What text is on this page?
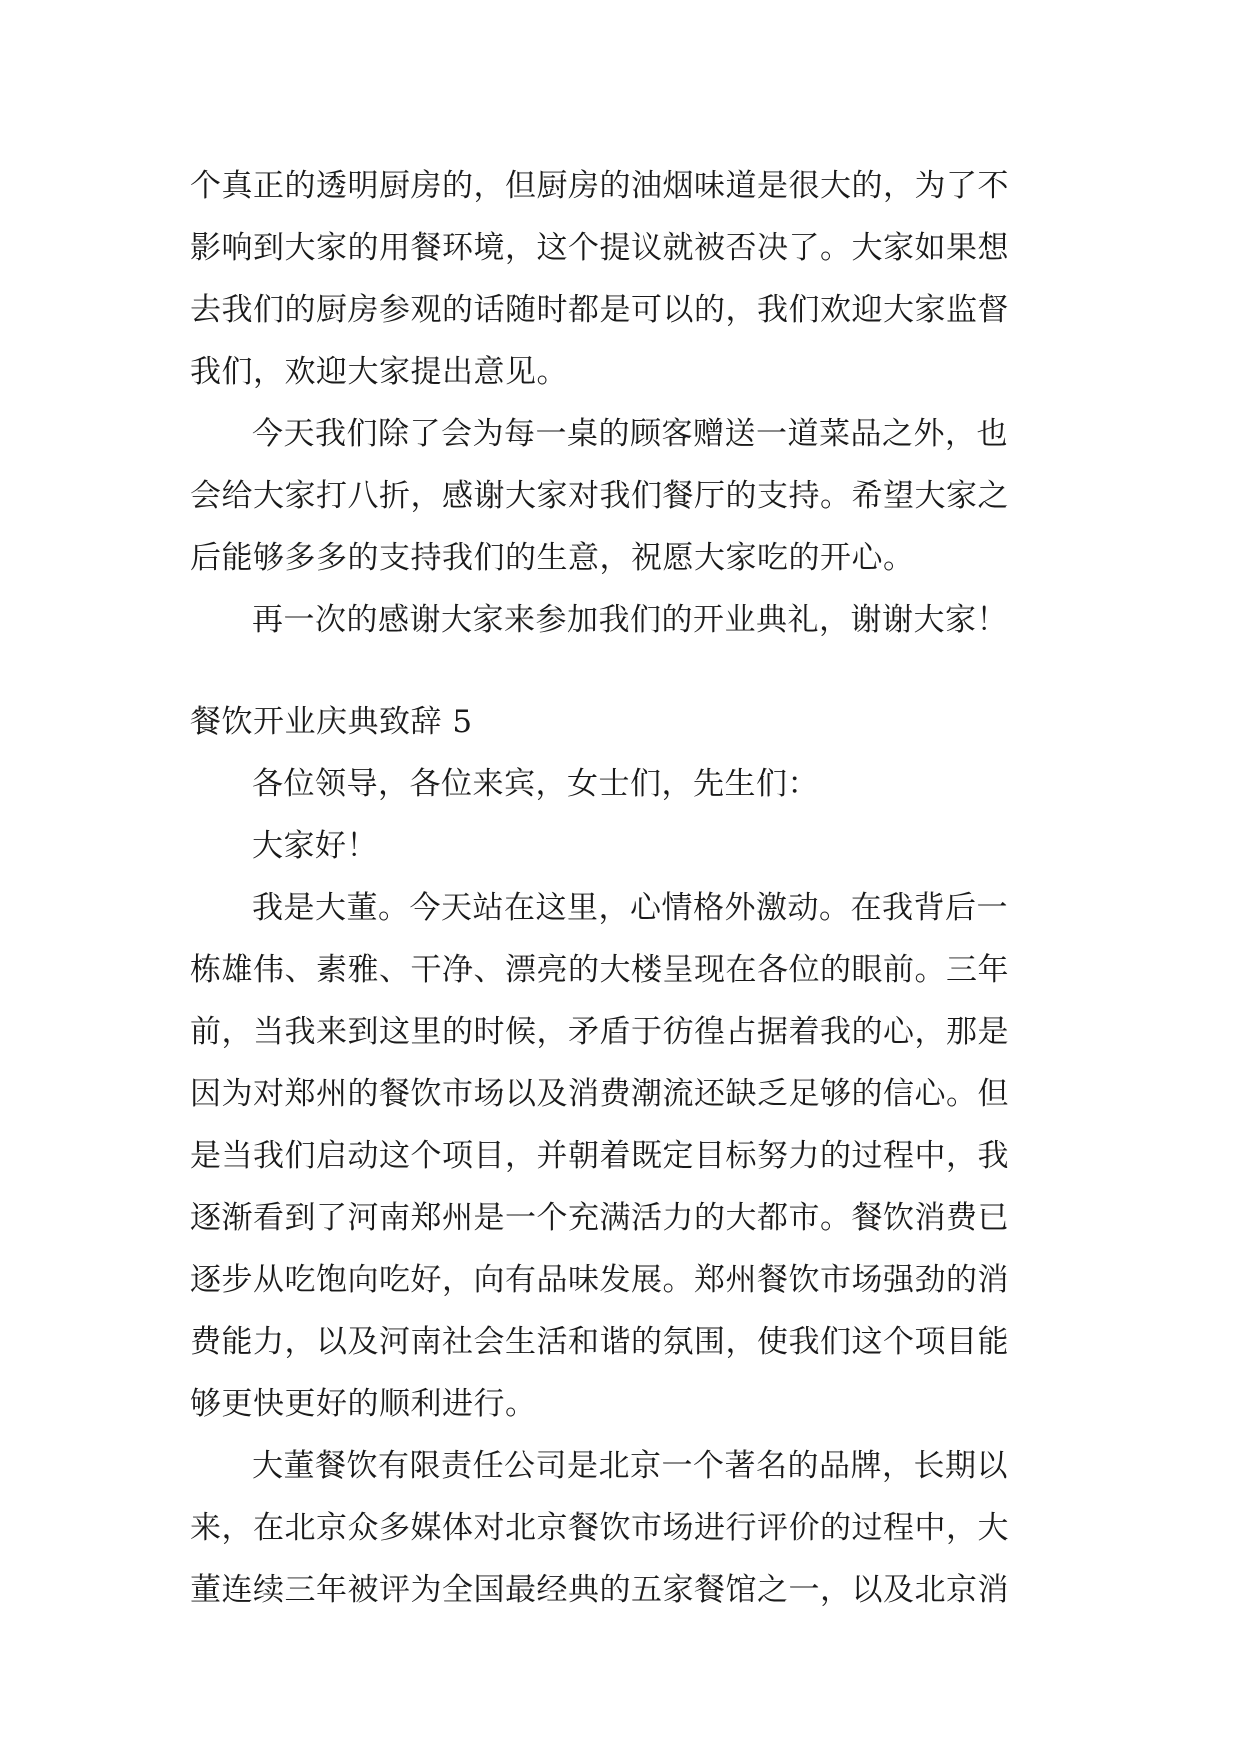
个真正的透明厨房的，但厨房的油烟味道是很大的，为了不
影响到大家的用餐环境，这个提议就被否决了。大家如果想
去我们的厨房参观的话随时都是可以的，我们欢迎大家监督
我们，欢迎大家提出意见。
今天我们除了会为每一桌的顾客赠送一道菜品之外，也
会给大家打八折，感谢大家对我们餐厅的支持。希望大家之
后能够多多的支持我们的生意，祝愿大家吃的开心。
再一次的感谢大家来参加我们的开业典礼，谢谢大家！
餐饮开业庆典致辞 5
各位领导，各位来宾，女士们，先生们：
大家好！
我是大董。今天站在这里，心情格外激动。在我背后一
栋雄伟、素雅、干净、漂亮的大楼呈现在各位的眼前。三年
前，当我来到这里的时候，矛盾于彷徨占据着我的心，那是
因为对郑州的餐饮市场以及消费潮流还缺乏足够的信心。但
是当我们启动这个项目，并朝着既定目标努力的过程中，我
逐渐看到了河南郑州是一个充满活力的大都市。餐饮消费已
逐步从吃饱向吃好，向有品味发展。郑州餐饮市场强劲的消
费能力，以及河南社会生活和谐的氛围，使我们这个项目能
够更快更好的顺利进行。
大董餐饮有限责任公司是北京一个著名的品牌，长期以
来，在北京众多媒体对北京餐饮市场进行评价的过程中，大
董连续三年被评为全国最经典的五家餐馆之一，以及北京消
